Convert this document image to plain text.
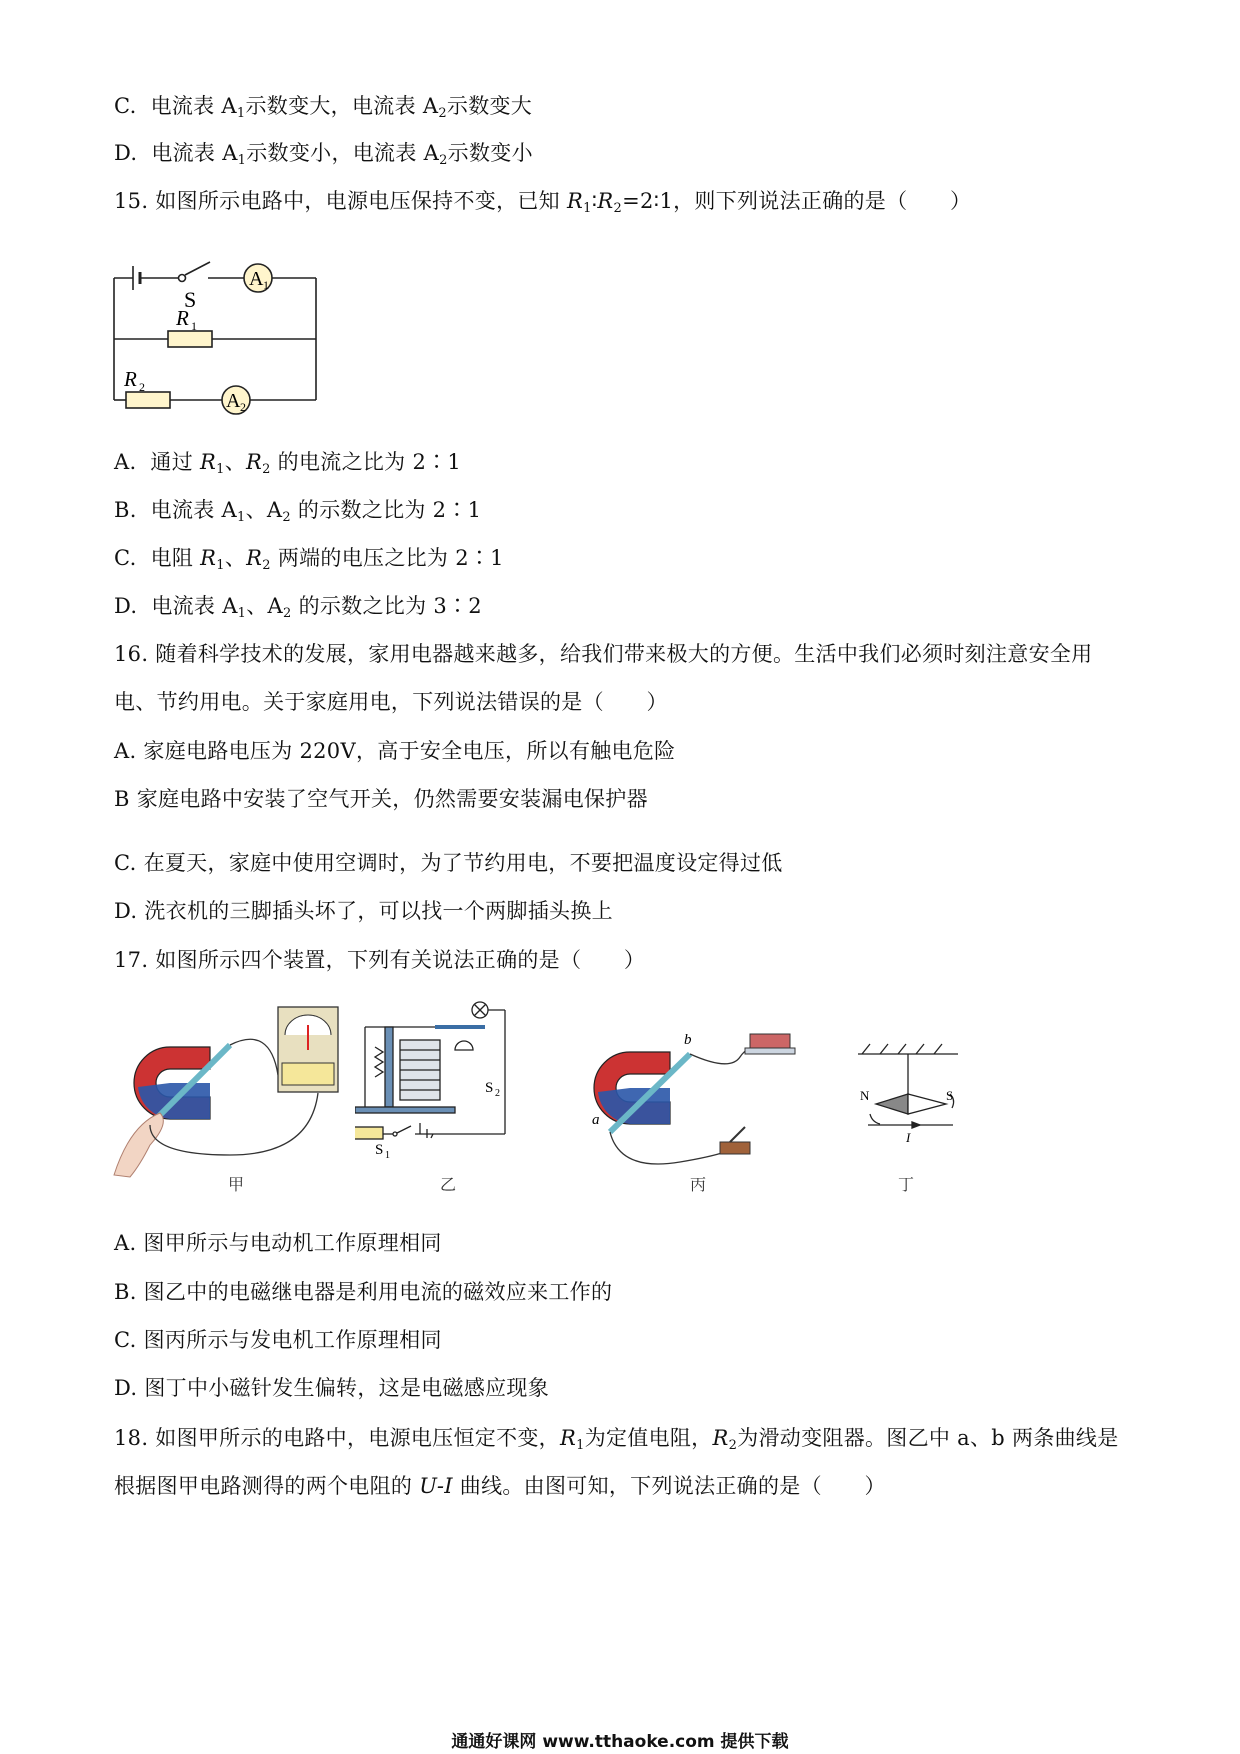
C. 电流表 $A_1$示数变大，电流表 $A_2$示数变大
D. 电流表 $A_1$示数变小，电流表 $A_2$示数变小
15. 如图所示电路中，电源电压保持不变，已知 $R_1∶R_2=2∶1$，则下列说法正确的是（　　）
S
A 1
R 1
R 2
A 2
A. 通过 $R_1$、$R_2$ 的电流之比为 2∶1
B. 电流表 $A_1$、$A_2$ 的示数之比为 2∶1
C. 电阻 $R_1$、$R_2$ 两端的电压之比为 2∶1
D. 电流表 $A_1$、$A_2$ 的示数之比为 3∶2
16. 随着科学技术的发展，家用电器越来越多，给我们带来极大的方便。生活中我们必须时刻注意安全用
电、节约用电。关于家庭用电，下列说法错误的是（　　）
A. 家庭电路电压为 220V，高于安全电压，所以有触电危险
B 家庭电路中安装了空气开关，仍然需要安装漏电保护器
C. 在夏天，家庭中使用空调时，为了节约用电，不要把温度设定得过低
D. 洗衣机的三脚插头坏了，可以找一个两脚插头换上
17. 如图所示四个装置，下列有关说法正确的是（　　）
S 2
S 1
a
b
N	S
I
甲	乙	丙	丁
A. 图甲所示与电动机工作原理相同
B. 图乙中的电磁继电器是利用电流的磁效应来工作的
C. 图丙所示与发电机工作原理相同
D. 图丁中小磁针发生偏转，这是电磁感应现象
18. 如图甲所示的电路中，电源电压恒定不变，$R_1$为定值电阻，$R_2$为滑动变阻器。图乙中 a、b 两条曲线是
根据图甲电路测得的两个电阻的 U-I 曲线。由图可知，下列说法正确的是（　　）
通通好课网 www.tthaoke.com 提供下载
